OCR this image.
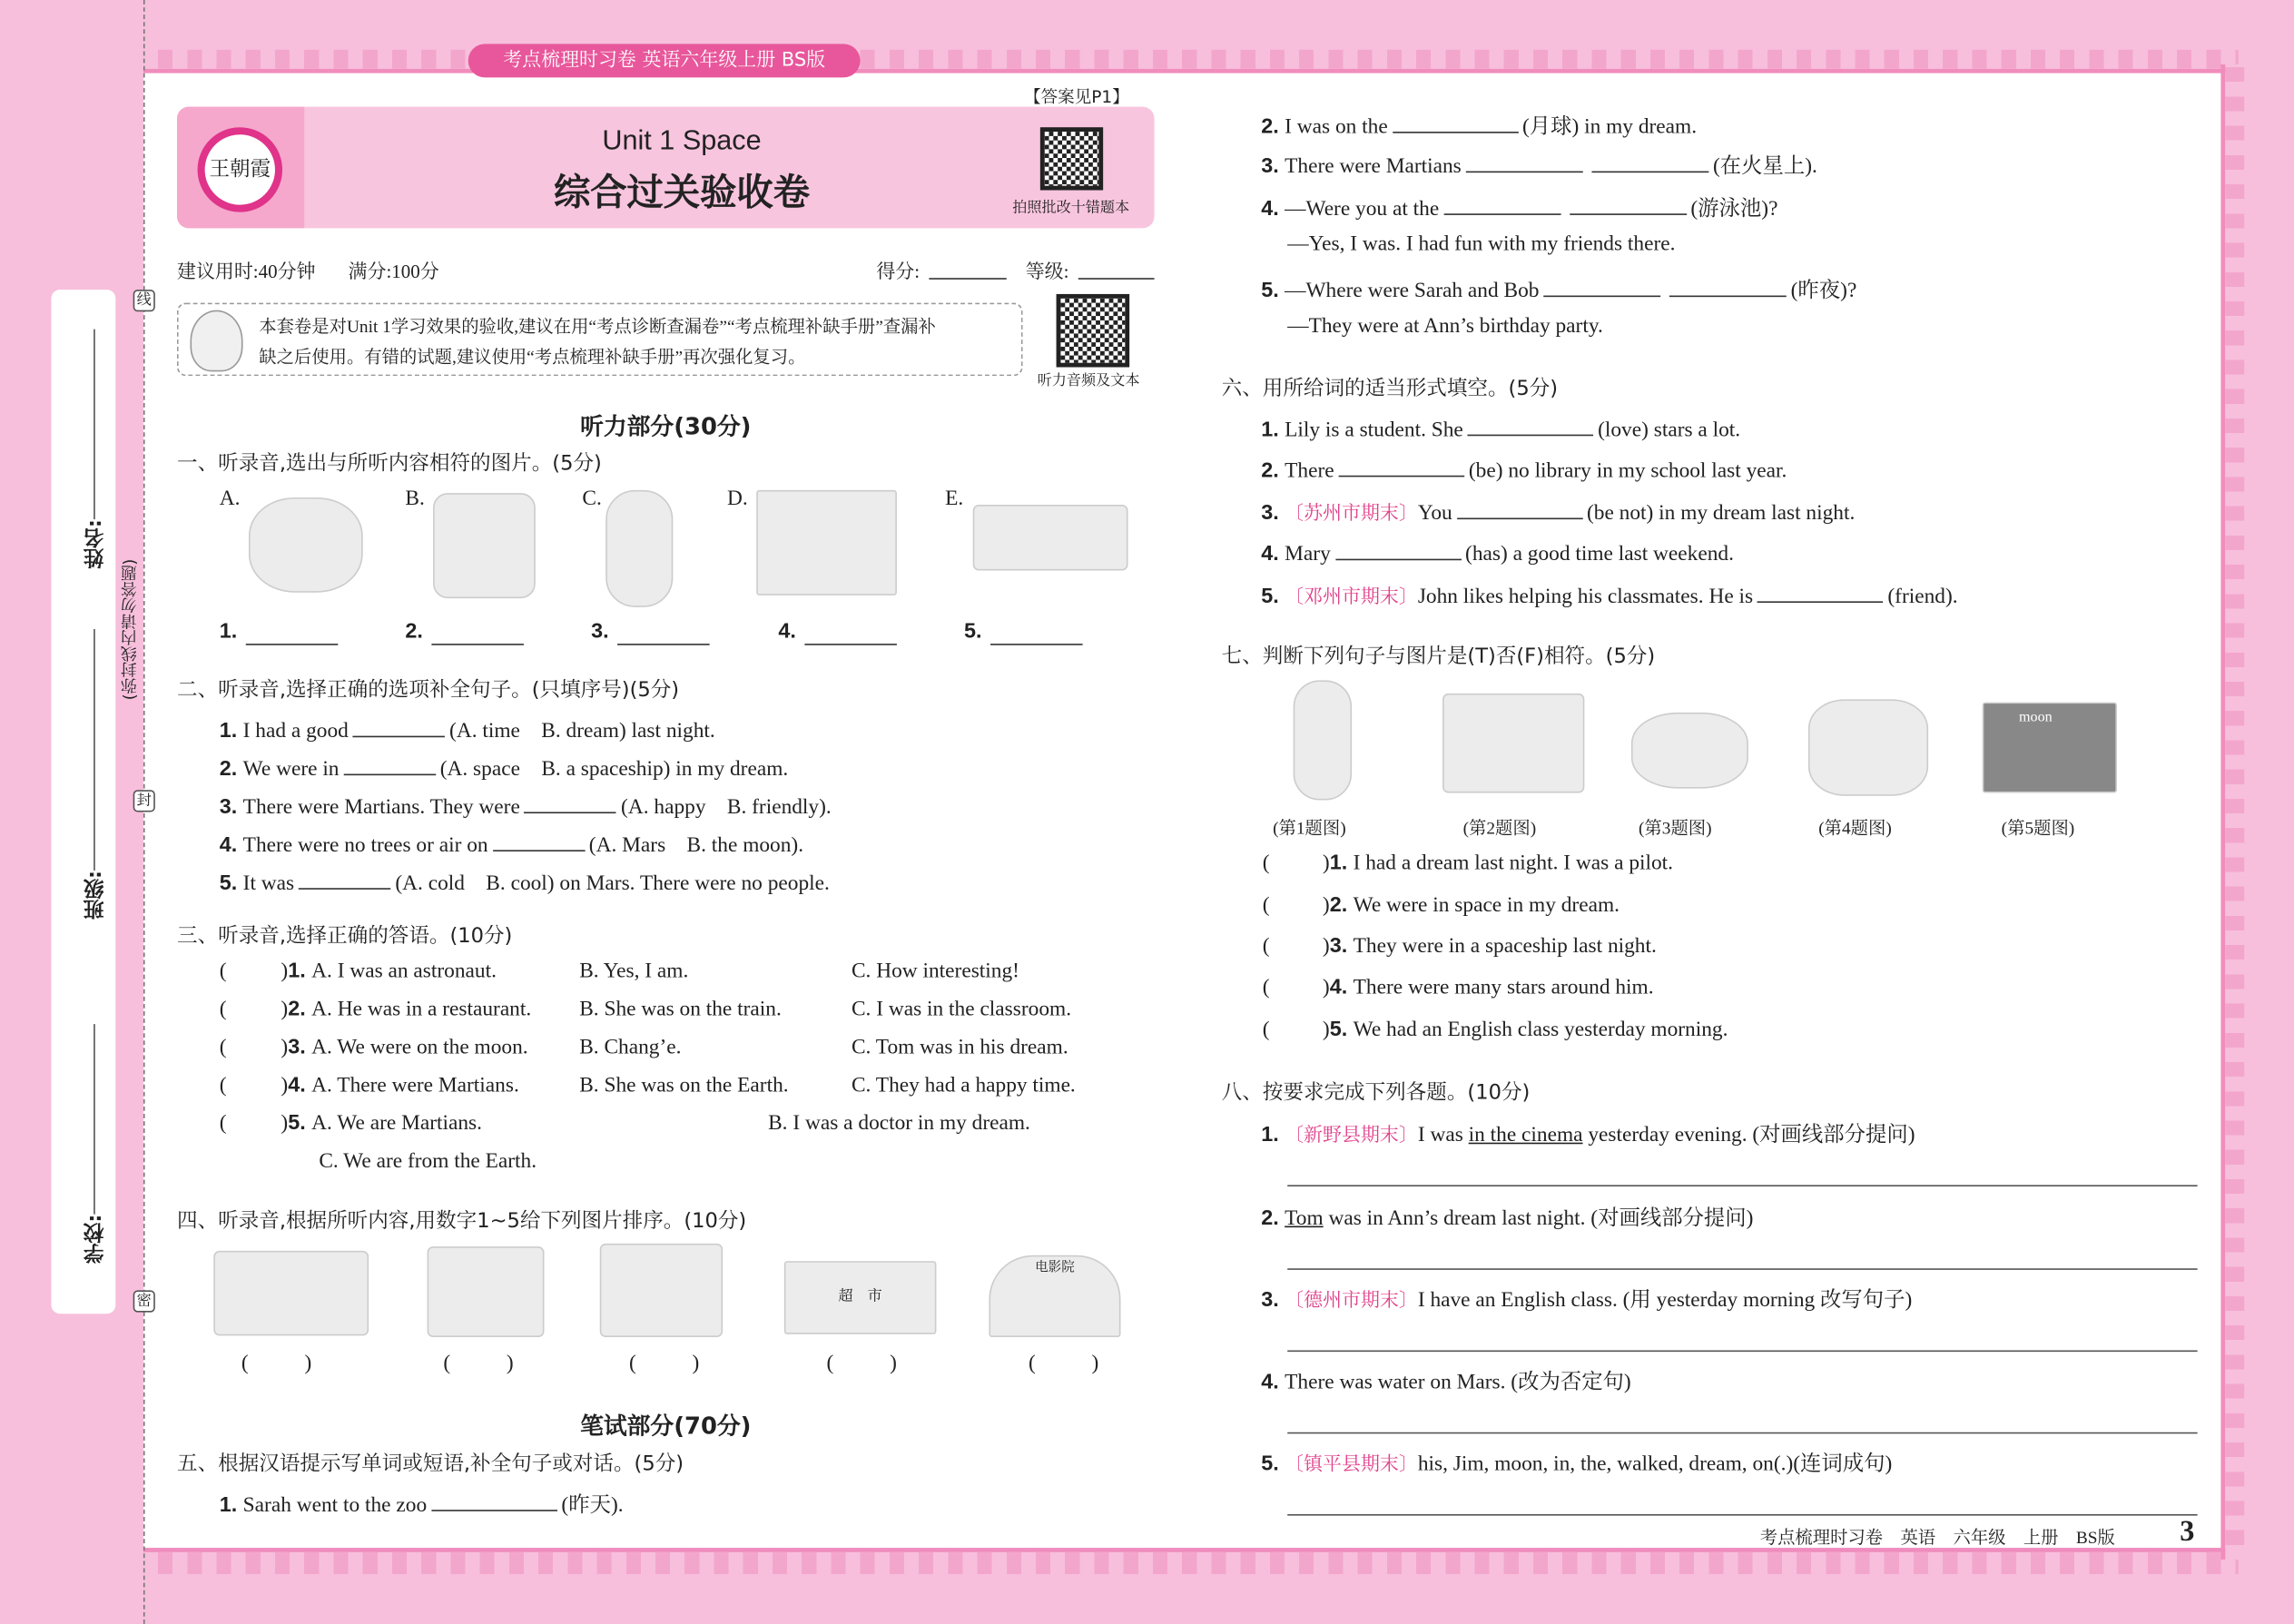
姓名:
班级:
学校:
(弥封线内请勿答题)
线
封
密
考点梳理时习卷 英语六年级上册 BS版
【答案见P1】
王朝霞
Unit 1 Space
综合过关验收卷	拍照批改十错题本
建议用时:40分钟	满分:100分	得分:	等级:
本套卷是对Unit 1学习效果的验收,建议在用“考点诊断查漏卷”“考点梳理补缺手册”查漏补
缺之后使用。有错的试题,建议使用“考点梳理补缺手册”再次强化复习。
听力音频及文本
听力部分(30分)
一、听录音,选出与所听内容相符的图片。(5分)
A.	B.	C.	D.	E.
1.	2.	3.	4.	5.
二、听录音,选择正确的选项补全句子。(只填序号)(5分)
三、听录音,选择正确的答语。(10分)
四、听录音,根据所听内容,用数字1~5给下列图片排序。(10分)
超　市
电影院
(	)	(	)	(	)	(	)	(	)
笔试部分(70分)
五、根据汉语提示写单词或短语,补全句子或对话。(5分)
六、用所给词的适当形式填空。(5分)
七、判断下列句子与图片是(T)否(F)相符。(5分)
moon
八、按要求完成下列各题。(10分)
考点梳理时习卷　英语　六年级　上册　BS版	3
1. I had a good	(A. time　B. dream) last night.
2. We were in	(A. space　B. a spaceship) in my dream.
3. There were Martians. They were	(A. happy　B. friendly).
4. There were no trees or air on	(A. Mars　B. the moon).
5. It was	(A. cold　B. cool) on Mars. There were no people.
(	)1. A. I was an astronaut.	B. Yes, I am.	C. How interesting!
(	)2. A. He was in a restaurant.	B. She was on the train.	C. I was in the classroom.
(	)3. A. We were on the moon.	B. Chang’e.	C. Tom was in his dream.
(	)4. A. There were Martians.	B. She was on the Earth.	C. They had a happy time.
(	)5. A. We are Martians.	B. I was a doctor in my dream.
C. We are from the Earth.
1. Sarah went to the zoo	(昨天).
2. I was on the	(月球) in my dream.
3. There were Martians	(在火星上).
4. —Were you at the	(游泳池)?
—Yes, I was. I had fun with my friends there.
5. —Where were Sarah and Bob	(昨夜)?
—They were at Ann’s birthday party.
1. Lily is a student. She	(love) stars a lot.
2. There	(be) no library in my school last year.
3. 〔苏州市期末〕You	(be not) in my dream last night.
4. Mary	(has) a good time last weekend.
5. 〔邓州市期末〕John likes helping his classmates. He is	(friend).
(第1题图)	(第2题图)	(第3题图)	(第4题图)	(第5题图)
(	)1. I had a dream last night. I was a pilot.
(	)2. We were in space in my dream.
(	)3. They were in a spaceship last night.
(	)4. There were many stars around him.
(	)5. We had an English class yesterday morning.
1. 〔新野县期末〕I was in the cinema yesterday evening. (对画线部分提问)
2. Tom was in Ann’s dream last night. (对画线部分提问)
3. 〔德州市期末〕I have an English class. (用 yesterday morning 改写句子)
4. There was water on Mars. (改为否定句)
5. 〔镇平县期末〕his, Jim, moon, in, the, walked, dream, on(.)(连词成句)
